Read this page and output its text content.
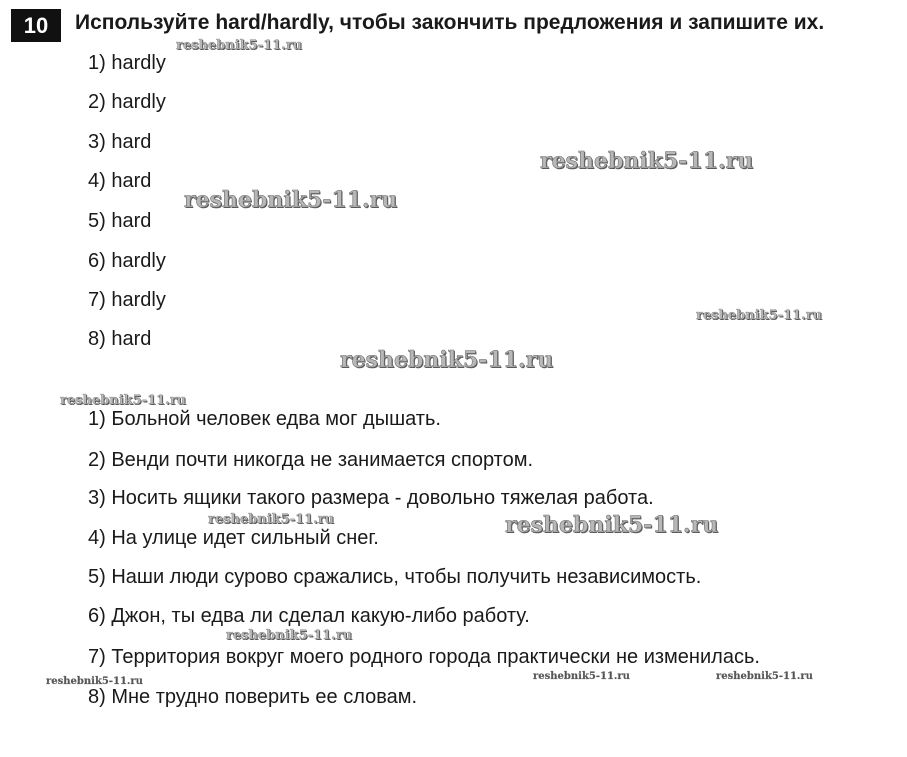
10	Используйте hard/hardly, чтобы закончить предложения и запишите их.
1) hardly
2) hardly
3) hard
4) hard
5) hard
6) hardly
7) hardly
8) hard
1) Больной человек едва мог дышать.
2) Венди почти никогда не занимается спортом.
3) Носить ящики такого размера - довольно тяжелая работа.
4) На улице идет сильный снег.
5) Наши люди сурово сражались, чтобы получить независимость.
6) Джон, ты едва ли сделал какую-либо работу.
7) Территория вокруг моего родного города практически не изменилась.
8) Мне трудно поверить ее словам.
reshebnik5-11.ru
reshebnik5-11.ru
reshebnik5-11.ru
reshebnik5-11.ru
reshebnik5-11.ru
reshebnik5-11.ru
reshebnik5-11.ru	reshebnik5-11.ru
reshebnik5-11.ru
reshebnik5-11.ru	reshebnik5-11.ru	reshebnik5-11.ru
